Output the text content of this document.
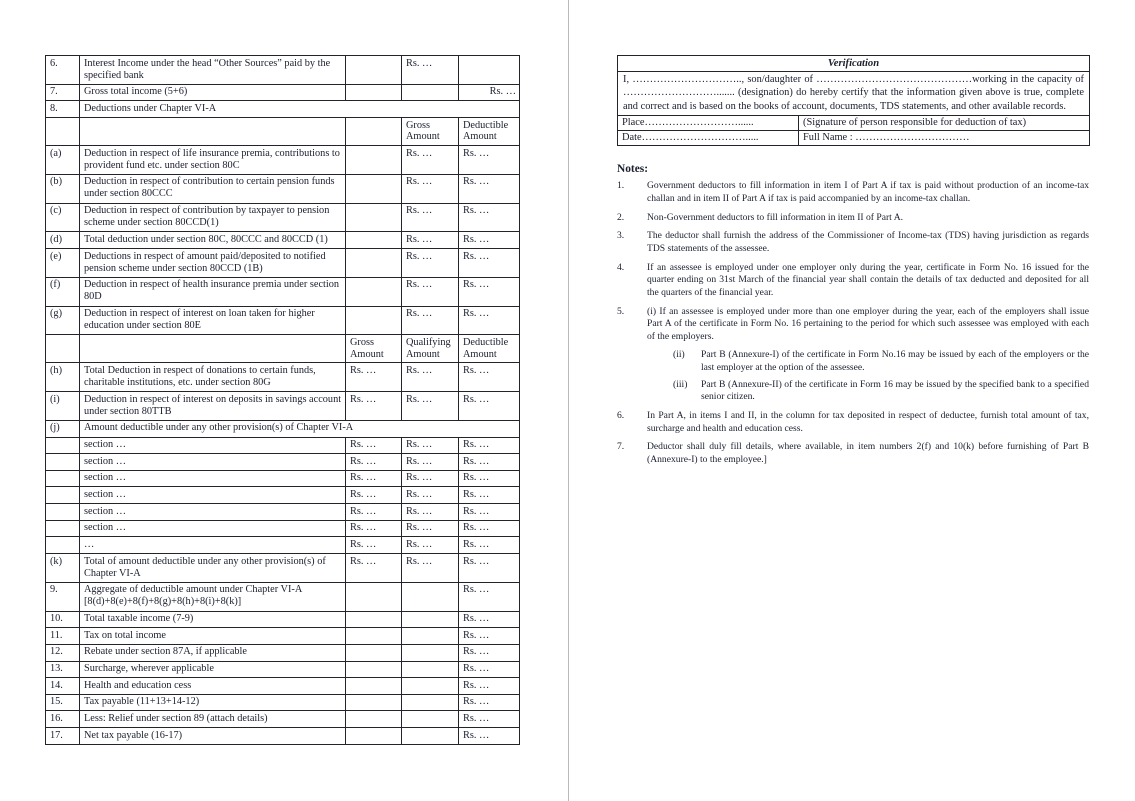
6.	Interest Income under the head “Other Sources” paid by the specified bank		Rs. …	
7.	Gross total income (5+6)			Rs. …
8.	Deductions under Chapter VI-A			
			Gross Amount	Deductible Amount
(a)	Deduction in respect of life insurance premia, contributions to provident fund etc. under section 80C		Rs. …	Rs. …
(b)	Deduction in respect of contribution to certain pension funds under section 80CCC		Rs. …	Rs. …
(c)	Deduction in respect of contribution by taxpayer to pension scheme under section 80CCD(1)		Rs. …	Rs. …
(d)	Total deduction under section 80C, 80CCC and 80CCD (1)		Rs. …	Rs. …
(e)	Deductions in respect of amount paid/deposited to notified pension scheme under section 80CCD (1B)		Rs. …	Rs. …
(f)	Deduction in respect of health insurance premia under section 80D		Rs. …	Rs. …
(g)	Deduction in respect of interest on loan taken for higher education under section 80E		Rs. …	Rs. …
		Gross Amount	Qualifying Amount	Deductible Amount
(h)	Total Deduction in respect of donations to certain funds, charitable institutions, etc. under section 80G	Rs. …	Rs. …	Rs. …
(i)	Deduction in respect of interest on deposits in savings account under section 80TTB	Rs. …	Rs. …	Rs. …
(j)	Amount deductible under any other provision(s) of Chapter VI-A			
	section …	Rs. …	Rs. …	Rs. …
	section …	Rs. …	Rs. …	Rs. …
	section …	Rs. …	Rs. …	Rs. …
	section …	Rs. …	Rs. …	Rs. …
	section …	Rs. …	Rs. …	Rs. …
	section …	Rs. …	Rs. …	Rs. …
	…	Rs. …	Rs. …	Rs. …
(k)	Total of amount deductible under any other provision(s) of Chapter VI-A	Rs. …	Rs. …	Rs. …
9.	Aggregate of deductible amount under Chapter VI-A [8(d)+8(e)+8(f)+8(g)+8(h)+8(i)+8(k)]			Rs. …
10.	Total taxable income (7-9)			Rs. …
11.	Tax on total income			Rs. …
12.	Rebate under section 87A, if applicable			Rs. …
13.	Surcharge, wherever applicable			Rs. …
14.	Health and education cess			Rs. …
15.	Tax payable (11+13+14-12)			Rs. …
16.	Less: Relief under section 89 (attach details)			Rs. …
17.	Net tax payable (16-17)			Rs. …
Verification	
I, ………………………….., son/daughter of ………………………………………working in the capacity of ………………………....... (designation) do hereby certify that the information given above is true, complete and correct and is based on the books of account, documents, TDS statements, and other available records.	
Place………………………......	(Signature of person responsible for deduction of tax)
Date………………………….....	Full Name : ……………………………
Notes:
1.	Government deductors to fill information in item I of Part A if tax is paid without production of an income-tax challan and in item II of Part A if tax is paid accompanied by an income-tax challan.
2.	Non-Government deductors to fill information in item II of Part A.
3.	The deductor shall furnish the address of the Commissioner of Income-tax (TDS) having jurisdiction as regards TDS statements of the assessee.
4.	If an assessee is employed under one employer only during the year, certificate in Form No. 16 issued for the quarter ending on 31st March of the financial year shall contain the details of tax deducted and deposited for all the quarters of the financial year.
5.	(i) If an assessee is employed under more than one employer during the year, each of the employers shall issue Part A of the certificate in Form No. 16 pertaining to the period for which such assessee was employed with each of the employers.
(ii)	Part B (Annexure-I) of the certificate in Form No.16 may be issued by each of the employers or the last employer at the option of the assessee.
(iii)	Part B (Annexure-II) of the certificate in Form 16 may be issued by the specified bank to a specified senior citizen.
6.	In Part A, in items I and II, in the column for tax deposited in respect of deductee, furnish total amount of tax, surcharge and health and education cess.
7.	Deductor shall duly fill details, where available, in item numbers 2(f) and 10(k) before furnishing of Part B (Annexure-I) to the employee.]
